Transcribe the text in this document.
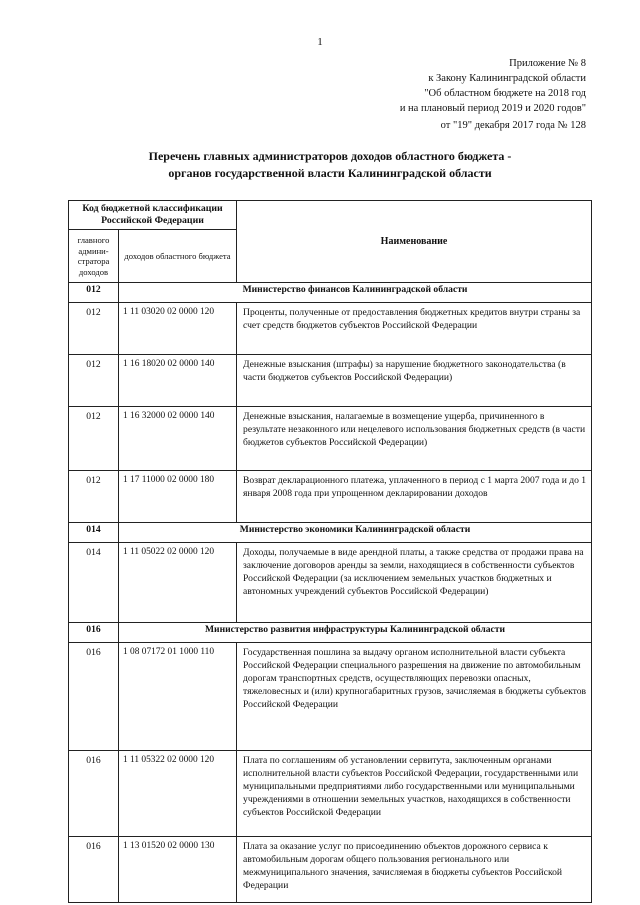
1
Приложение № 8
к Закону Калининградской области
"Об областном бюджете на 2018 год
и на плановый период 2019 и 2020 годов"
от "19" декабря 2017 года № 128
Перечень главных администраторов доходов областного бюджета -
органов государственной власти Калининградской области
Код бюджетной классификации Российской Федерации		Наименование
главного админи-стратора доходов	доходов областного бюджета	
012	Министерство финансов Калининградской области	
012	1 11 03020 02 0000 120	Проценты, полученные от предоставления бюджетных кредитов внутри страны за счет средств бюджетов субъектов Российской Федерации
012	1 16 18020 02 0000 140	Денежные взыскания (штрафы) за нарушение бюджетного законодательства (в части бюджетов субъектов Российской Федерации)
012	1 16 32000 02 0000 140	Денежные взыскания, налагаемые в возмещение ущерба, причиненного в результате незаконного или нецелевого использования бюджетных средств (в части бюджетов субъектов Российской Федерации)
012	1 17 11000 02 0000 180	Возврат декларационного платежа, уплаченного в период с 1 марта 2007 года и до 1 января 2008 года при упрощенном декларировании доходов
014	Министерство экономики Калининградской области	
014	1 11 05022 02 0000 120	Доходы, получаемые в виде арендной платы, а также средства от продажи права на заключение договоров аренды за земли, находящиеся в собственности субъектов Российской Федерации (за исключением земельных участков бюджетных и автономных учреждений субъектов Российской Федерации)
016	Министерство развития инфраструктуры Калининградской области	
016	1 08 07172 01 1000 110	Государственная пошлина за выдачу органом исполнительной власти субъекта Российской Федерации специального разрешения на движение по автомобильным дорогам транспортных средств, осуществляющих перевозки опасных, тяжеловесных и (или) крупногабаритных грузов, зачисляемая в бюджеты субъектов Российской Федерации
016	1 11 05322 02 0000 120	Плата по соглашениям об установлении сервитута, заключенным органами исполнительной власти субъектов Российской Федерации, государственными или муниципальными предприятиями либо государственными или муниципальными учреждениями в отношении земельных участков, находящихся в собственности субъектов Российской Федерации
016	1 13 01520 02 0000 130	Плата за оказание услуг по присоединению объектов дорожного сервиса к автомобильным дорогам общего пользования регионального или межмуниципального значения, зачисляемая в бюджеты субъектов Российской Федерации
